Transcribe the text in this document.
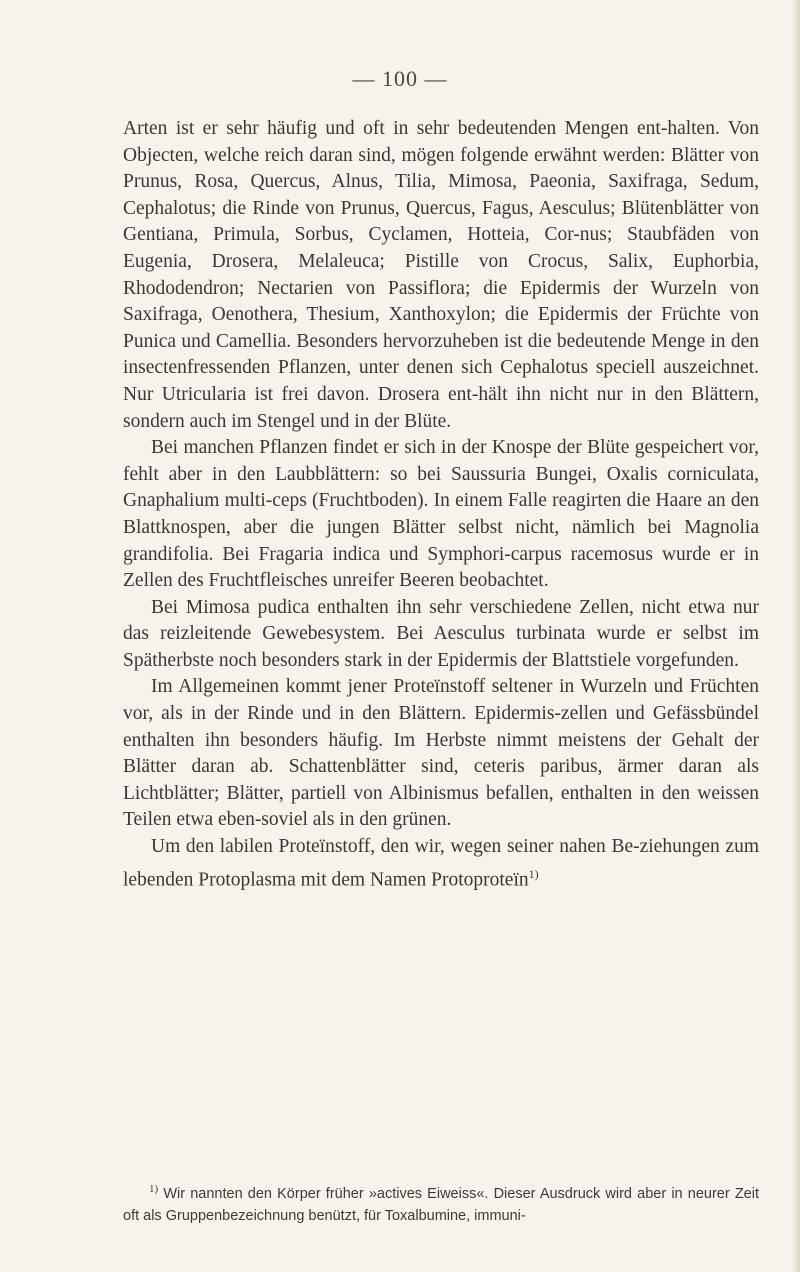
— 100 —

Arten ist er sehr häufig und oft in sehr bedeutenden Mengen ent-halten. Von Objecten, welche reich daran sind, mögen folgende erwähnt werden: Blätter von Prunus, Rosa, Quercus, Alnus, Tilia, Mimosa, Paeonia, Saxifraga, Sedum, Cephalotus; die Rinde von Prunus, Quercus, Fagus, Aesculus; Blütenblätter von Gentiana, Primula, Sorbus, Cyclamen, Hotteia, Cor-nus; Staubfäden von Eugenia, Drosera, Melaleuca; Pistille von Crocus, Salix, Euphorbia, Rhododendron; Nectarien von Passiflora; die Epidermis der Wurzeln von Saxifraga, Oenothera, Thesium, Xanthoxylon; die Epidermis der Früchte von Punica und Camellia. Besonders hervorzuheben ist die bedeutende Menge in den insectenfressenden Pflanzen, unter denen sich Cephalotus speciell auszeichnet. Nur Utricularia ist frei davon. Drosera ent-hält ihn nicht nur in den Blättern, sondern auch im Stengel und in der Blüte.

Bei manchen Pflanzen findet er sich in der Knospe der Blüte gespeichert vor, fehlt aber in den Laubblättern: so bei Saussuria Bungei, Oxalis corniculata, Gnaphalium multi-ceps (Fruchtboden). In einem Falle reagirten die Haare an den Blattknospen, aber die jungen Blätter selbst nicht, nämlich bei Magnolia grandifolia. Bei Fragaria indica und Symphori-carpus racemosus wurde er in Zellen des Fruchtfleisches unreifer Beeren beobachtet.

Bei Mimosa pudica enthalten ihn sehr verschiedene Zellen, nicht etwa nur das reizleitende Gewebesystem. Bei Aesculus turbinata wurde er selbst im Spätherbste noch besonders stark in der Epidermis der Blattstiele vorgefunden.

Im Allgemeinen kommt jener Proteïnstoff seltener in Wurzeln und Früchten vor, als in der Rinde und in den Blättern. Epidermis-zellen und Gefässbündel enthalten ihn besonders häufig. Im Herbste nimmt meistens der Gehalt der Blätter daran ab. Schattenblätter sind, ceteris paribus, ärmer daran als Lichtblätter; Blätter, partiell von Albinismus befallen, enthalten in den weissen Teilen etwa eben-soviel als in den grünen.

Um den labilen Proteïnstoff, den wir, wegen seiner nahen Be-ziehungen zum lebenden Protoplasma mit dem Namen Protoproteïn$^{1)}$

$^{1)}$ Wir nannten den Körper früher »actives Eiweiss«. Dieser Ausdruck wird aber in neurer Zeit oft als Gruppenbezeichnung benützt, für Toxalbumine, immuni-
